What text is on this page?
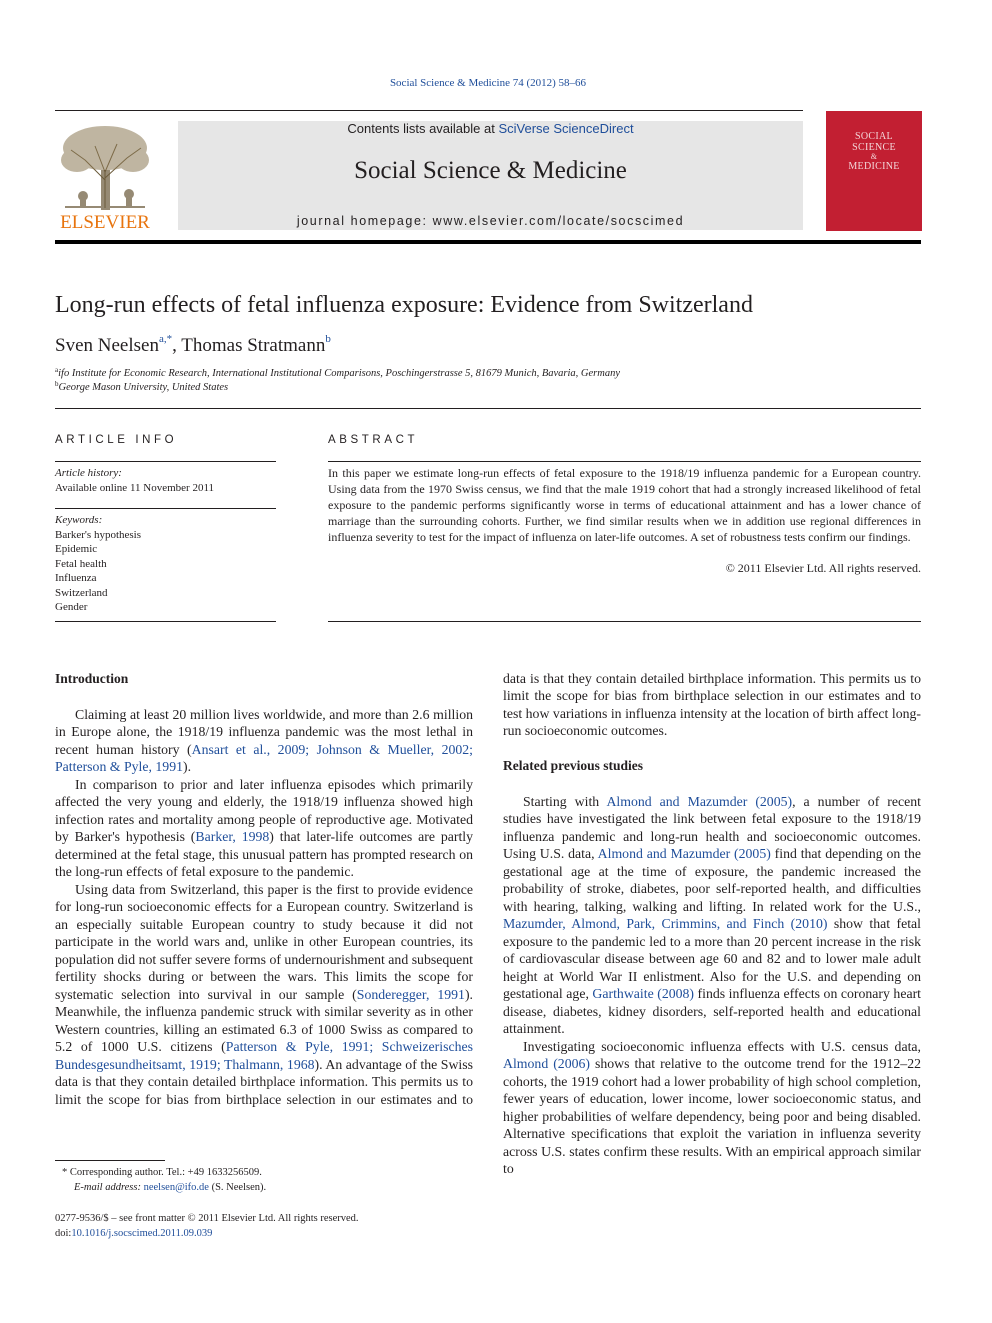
Social Science & Medicine 74 (2012) 58–66
ELSEVIER
Contents lists available at SciVerse ScienceDirect
Social Science & Medicine
journal homepage: www.elsevier.com/locate/socscimed
SOCIAL
SCIENCE
&
MEDICINE
Long-run effects of fetal influenza exposure: Evidence from Switzerland
Sven Neelsen$^{a,*}$, Thomas Stratmann$^b$
$^a$ifo Institute for Economic Research, International Institutional Comparisons, Poschingerstrasse 5, 81679 Munich, Bavaria, Germany
$^b$George Mason University, United States
ARTICLE INFO
Article history:
Available online 11 November 2011
Keywords:
Barker's hypothesis
Epidemic
Fetal health
Influenza
Switzerland
Gender
ABSTRACT
In this paper we estimate long-run effects of fetal exposure to the 1918/19 influenza pandemic for a European country. Using data from the 1970 Swiss census, we find that the male 1919 cohort that had a strongly increased likelihood of fetal exposure to the pandemic performs significantly worse in terms of educational attainment and has a lower chance of marriage than the surrounding cohorts. Further, we find similar results when we in addition use regional differences in influenza severity to test for the impact of influenza on later-life outcomes. A set of robustness tests confirm our findings.
© 2011 Elsevier Ltd. All rights reserved.
Introduction

Claiming at least 20 million lives worldwide, and more than 2.6 million in Europe alone, the 1918/19 influenza pandemic was the most lethal in recent human history (Ansart et al., 2009; Johnson & Mueller, 2002; Patterson & Pyle, 1991).

In comparison to prior and later influenza episodes which primarily affected the very young and elderly, the 1918/19 influenza showed high infection rates and mortality among people of reproductive age. Motivated by Barker's hypothesis (Barker, 1998) that later-life outcomes are partly determined at the fetal stage, this unusual pattern has prompted research on the long-run effects of fetal exposure to the pandemic.

Using data from Switzerland, this paper is the first to provide evidence for long-run socioeconomic effects for a European country. Switzerland is an especially suitable European country to study because it did not participate in the world wars and, unlike in other European countries, its population did not suffer severe forms of undernourishment and subsequent fertility shocks during or between the wars. This limits the scope for systematic selection into survival in our sample (Sonderegger, 1991). Meanwhile, the influenza pandemic struck with similar severity as in other Western countries, killing an estimated 6.3 of 1000 Swiss as compared to 5.2 of 1000 U.S. citizens (Patterson & Pyle, 1991; Schweizerisches Bundesgesundheitsamt, 1919; Thalmann, 1968). An advantage of the Swiss data is that they contain detailed birthplace information. This permits us to limit the scope for bias from birthplace selection in our estimates and to

data is that they contain detailed birthplace information. This permits us to limit the scope for bias from birthplace selection in our estimates and to test how variations in influenza intensity at the location of birth affect long-run socioeconomic outcomes.

Related previous studies

Starting with Almond and Mazumder (2005), a number of recent studies have investigated the link between fetal exposure to the 1918/19 influenza pandemic and long-run health and socioeconomic outcomes. Using U.S. data, Almond and Mazumder (2005) find that depending on the gestational age at the time of exposure, the pandemic increased the probability of stroke, diabetes, poor self-reported health, and difficulties with hearing, talking, walking and lifting. In related work for the U.S., Mazumder, Almond, Park, Crimmins, and Finch (2010) show that fetal exposure to the pandemic led to a more than 20 percent increase in the risk of cardiovascular disease between age 60 and 82 and to lower male adult height at World War II enlistment. Also for the U.S. and depending on gestational age, Garthwaite (2008) finds influenza effects on coronary heart disease, diabetes, kidney disorders, self-reported health and educational attainment.

Investigating socioeconomic influenza effects with U.S. census data, Almond (2006) shows that relative to the outcome trend for the 1912–22 cohorts, the 1919 cohort had a lower probability of high school completion, fewer years of education, lower income, lower socioeconomic status, and higher probabilities of welfare dependency, being poor and being disabled. Alternative specifications that exploit the variation in influenza severity across U.S. states confirm these results. With an empirical approach similar to

* Corresponding author. Tel.: +49 1633256509.
E-mail address: neelsen@ifo.de (S. Neelsen).
0277-9536/$ – see front matter © 2011 Elsevier Ltd. All rights reserved.
doi:10.1016/j.socscimed.2011.09.039
